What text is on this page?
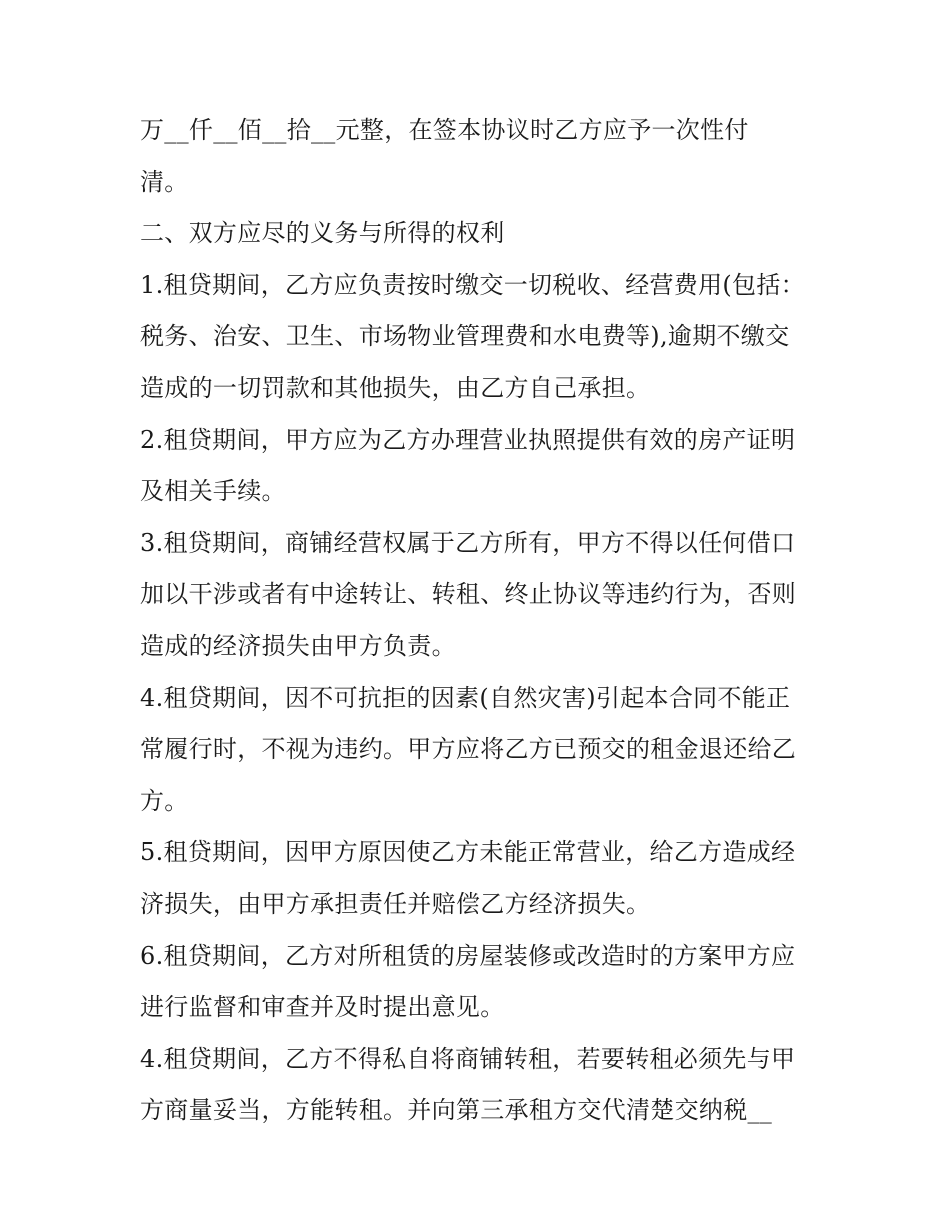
万__仟__佰__拾__元整，在签本协议时乙方应予一次性付
清。
二、双方应尽的义务与所得的权利
1.租贷期间，乙方应负责按时缴交一切税收、经营费用(包括：
税务、治安、卫生、市场物业管理费和水电费等),逾期不缴交
造成的一切罚款和其他损失，由乙方自己承担。
2.租贷期间，甲方应为乙方办理营业执照提供有效的房产证明
及相关手续。
3.租贷期间，商铺经营权属于乙方所有，甲方不得以任何借口
加以干涉或者有中途转让、转租、终止协议等违约行为，否则
造成的经济损失由甲方负责。
4.租贷期间，因不可抗拒的因素(自然灾害)引起本合同不能正
常履行时，不视为违约。甲方应将乙方已预交的租金退还给乙
方。
5.租贷期间，因甲方原因使乙方未能正常营业，给乙方造成经
济损失，由甲方承担责任并赔偿乙方经济损失。
6.租贷期间，乙方对所租赁的房屋装修或改造时的方案甲方应
进行监督和审查并及时提出意见。
4.租贷期间，乙方不得私自将商铺转租，若要转租必须先与甲
方商量妥当，方能转租。并向第三承租方交代清楚交纳税__
